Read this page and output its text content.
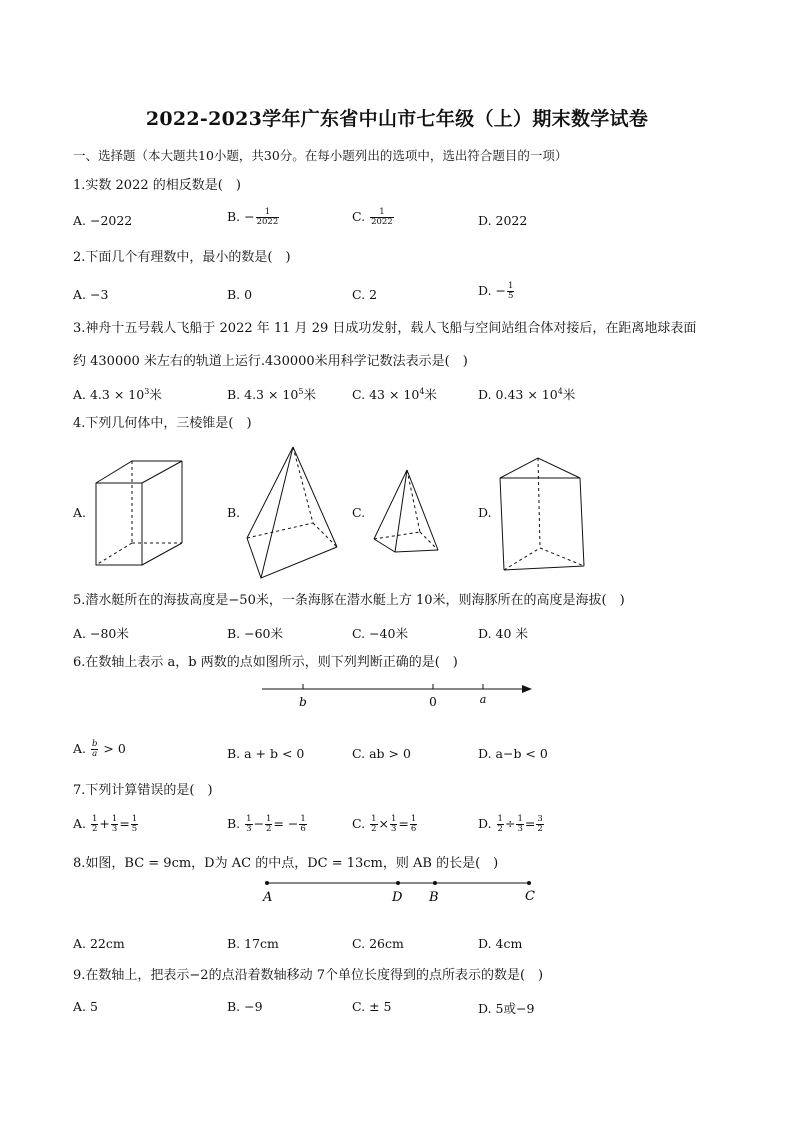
2022-2023学年广东省中山市七年级（上）期末数学试卷
一、选择题（本大题共10小题，共30分。在每小题列出的选项中，选出符合题目的一项）
1.实数 2022 的相反数是(　)
A. −2022	B. − $\frac{1}{2022}$	C. $\frac{1}{2022}$	D. 2022
2.下面几个有理数中，最小的数是(　)
A. −3	B. 0	C. 2	D. − $\frac{1}{5}$
3.神舟十五号载人飞船于 2022 年 11 月 29 日成功发射，载人飞船与空间站组合体对接后，在距离地球表面
约 430000 米左右的轨道上运行.430000米用科学记数法表示是(　)
A. $4.3 \times 10^3$米	B. $4.3 \times 10^5$米	C. $43 \times 10^4$米	D. $0.43 \times 10^4$米
4.下列几何体中，三棱锥是(　)
A.	B.	C.	D.
5.潜水艇所在的海拔高度是−50米，一条海豚在潜水艇上方 10米，则海豚所在的高度是海拔(　)
A. −80米	B. −60米	C. −40米	D. 40 米
6.在数轴上表示 a，b 两数的点如图所示，则下列判断正确的是(　)
b	0	a
A. $\frac{b}{a} > 0$	B. a + b < 0	C. ab > 0	D. a−b < 0
7.下列计算错误的是(　)
A. $\frac{1}{2} + \frac{1}{3} = \frac{1}{5}$	B. $\frac{1}{3} - \frac{1}{2}$ = − $\frac{1}{6}$	C. $\frac{1}{2} \times \frac{1}{3} = \frac{1}{6}$	D. $\frac{1}{2} \div \frac{1}{3} = \frac{3}{2}$
8.如图，BC = 9cm，D为 AC 的中点，DC = 13cm，则 AB 的长是(　)
A	D B	C
A. 22cm	B. 17cm	C. 26cm	D. 4cm
9.在数轴上，把表示−2的点沿着数轴移动 7个单位长度得到的点所表示的数是(　)
A. 5	B. −9	C. ± 5	D. 5或−9
